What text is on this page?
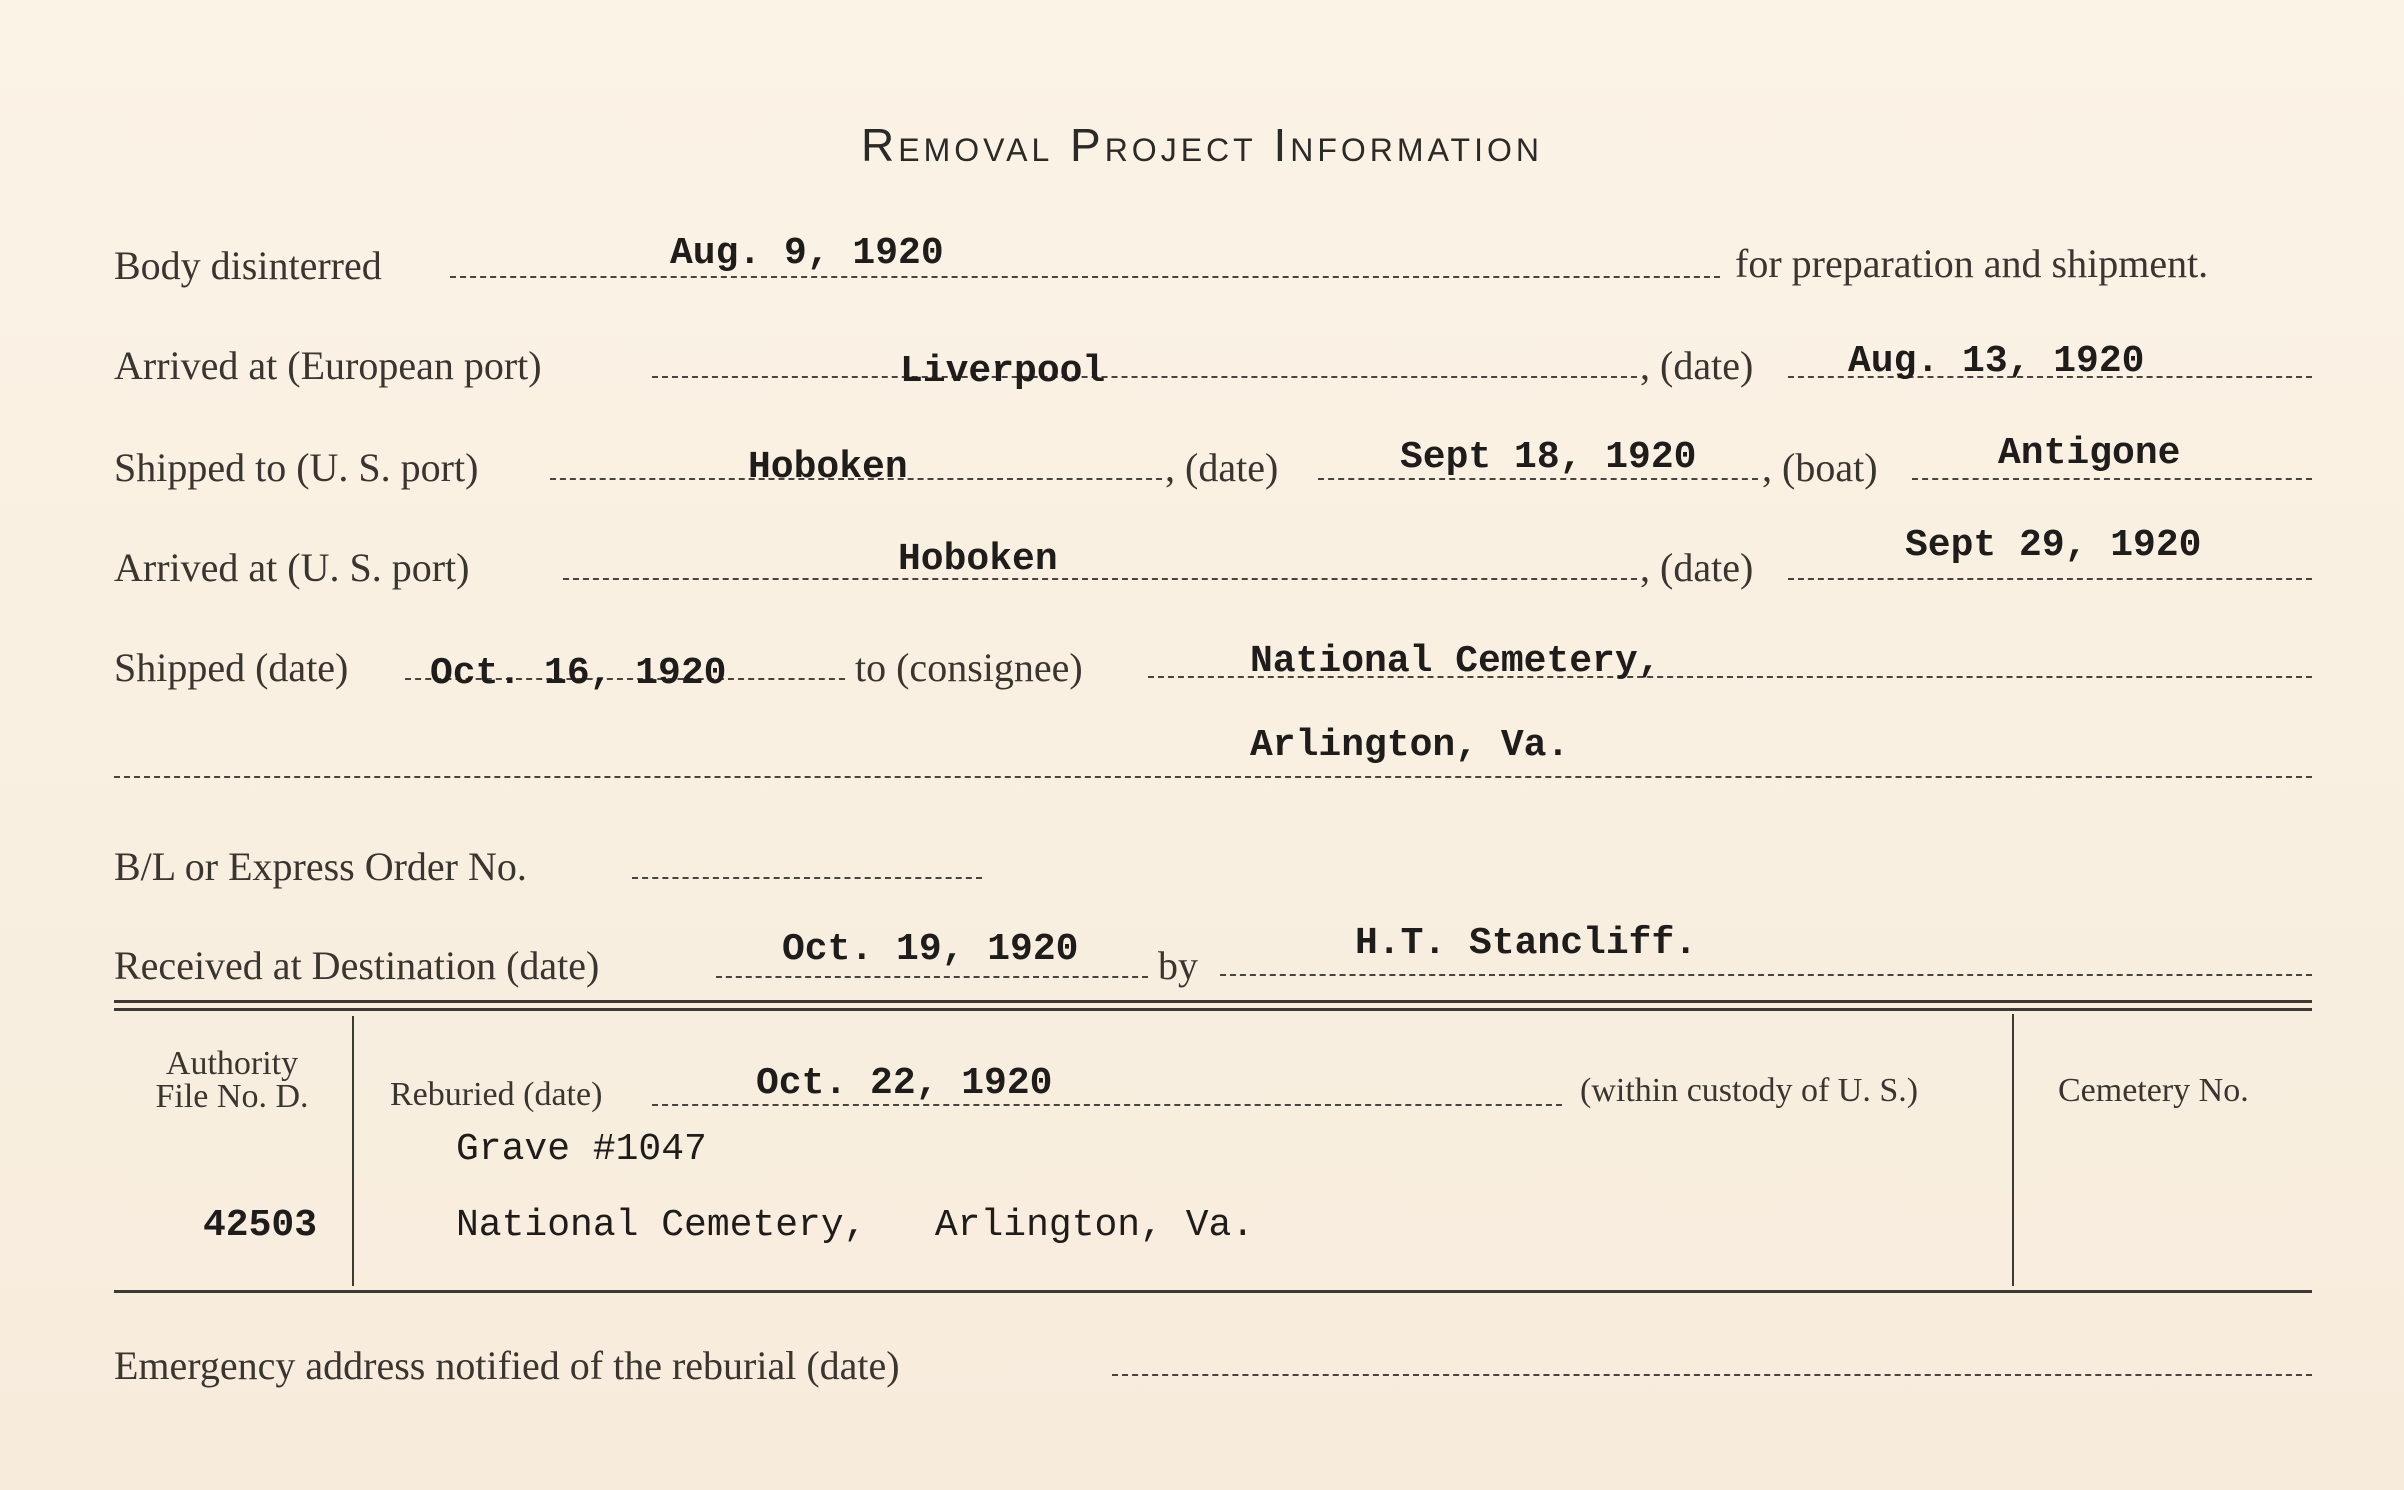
Removal Project Information
Body disinterred	Aug. 9, 1920	for preparation and shipment.
Arrived at (European port)	Liverpool	, (date) Aug. 13, 1920
Shipped to (U. S. port)	Hoboken	, (date)	Sept 18, 1920 , (boat)	Antigone
Arrived at (U. S. port)	Hoboken	, (date)	Sept 29, 1920
Shipped (date) Oct. 16, 1920	to (consignee)	National Cemetery,
Arlington, Va.
B/L or Express Order No.
Received at Destination (date)	Oct. 19, 1920 by	H.T. Stancliff.
Authority
File No. D.
42503
Reburied (date)	Oct. 22, 1920	(within custody of U. S.)
Grave #1047
National Cemetery,   Arlington, Va.
Cemetery No.
Emergency address notified of the reburial (date)
